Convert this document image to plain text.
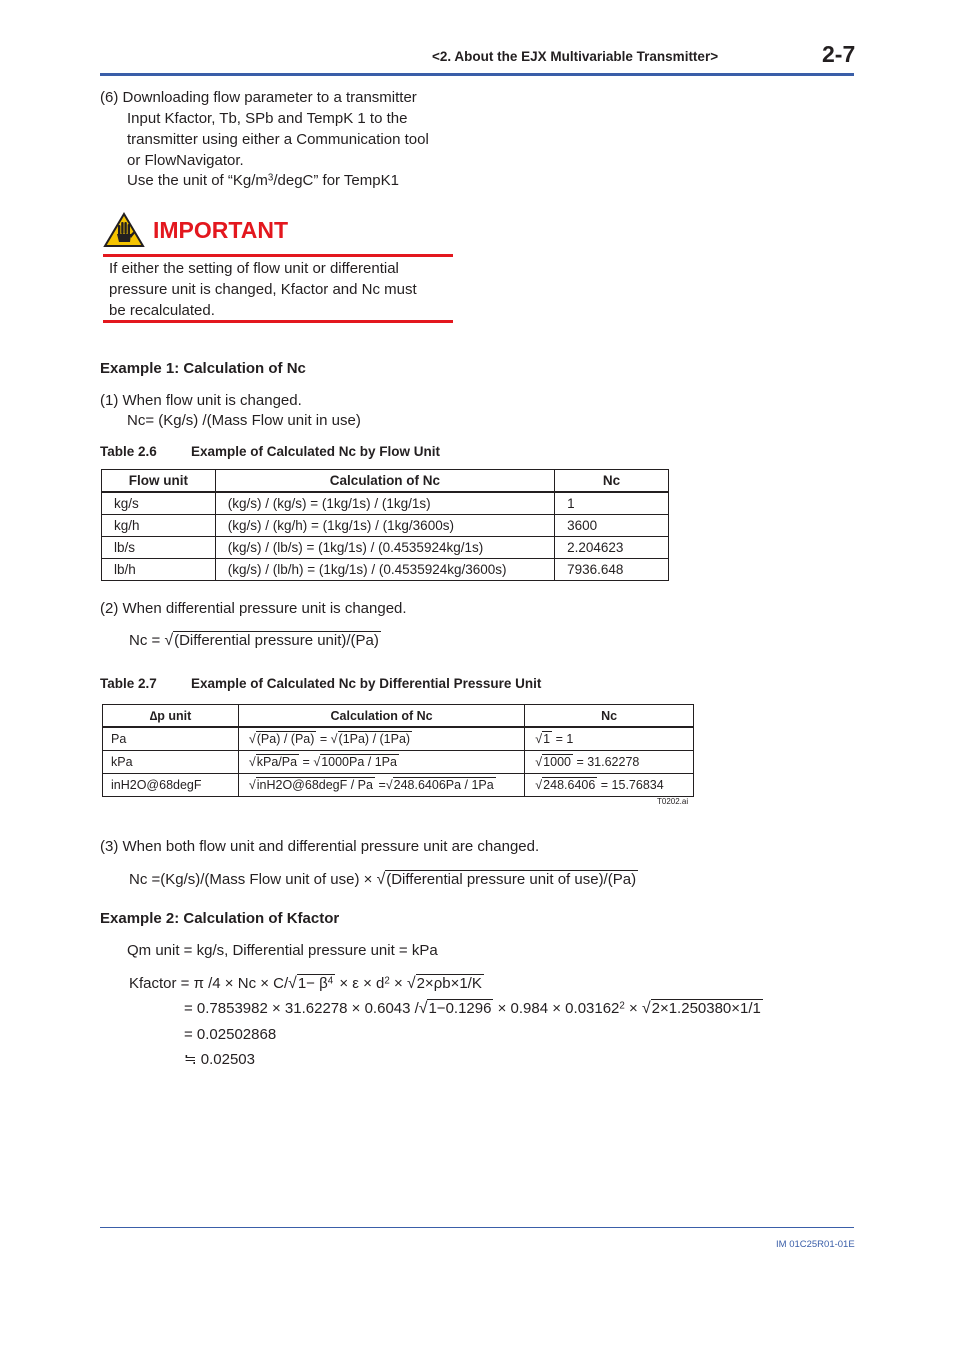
<2. About the EJX Multivariable Transmitter>	2-7
(6) Downloading flow parameter to a transmitter
Input Kfactor, Tb, SPb and TempK 1 to the
transmitter using either a Communication tool
or FlowNavigator.
Use the unit of “$Kg/m^3$/degC” for TempK1
IMPORTANT
If either the setting of flow unit or differential
pressure unit is changed, Kfactor and Nc must
be recalculated.
Example 1: Calculation of Nc
(1) When flow unit is changed.
Nc= (Kg/s) /(Mass Flow unit in use)
Table 2.6	Example of Calculated Nc by Flow Unit
Flow unit	Calculation of Nc	Nc
kg/s	(kg/s) / (kg/s) = (1kg/1s) / (1kg/1s)	1
kg/h	(kg/s) / (kg/h) = (1kg/1s) / (1kg/3600s)	3600
lb/s	(kg/s) / (lb/s) = (1kg/1s) / (0.4535924kg/1s)	2.204623
lb/h	(kg/s) / (lb/h) = (1kg/1s) / (0.4535924kg/3600s)	7936.648
(2) When differential pressure unit is changed.
Nc = √(Differential pressure unit)/(Pa)
Table 2.7	Example of Calculated Nc by Differential Pressure Unit
∆p unit	Calculation of Nc	Nc
Pa	√(Pa) / (Pa) = √(1Pa) / (1Pa)	√1 = 1
kPa	√kPa/Pa = √1000Pa / 1Pa	√1000 = 31.62278
inH2O@68degF	√inH2O@68degF / Pa =√248.6406Pa / 1Pa	√248.6406 = 15.76834
T0202.ai
(3) When both flow unit and differential pressure unit are changed.
Nc =(Kg/s)/(Mass Flow unit of use) × √(Differential pressure unit of use)/(Pa)
Example 2: Calculation of Kfactor
Qm unit = kg/s, Differential pressure unit = kPa
Kfactor = π $/4 \times Nc \times C/√1- \beta^4 \times \varepsilon \times d^2 \times √2\times\rho b\times 1/K$
= 0.7853982 × 31.62278 × 0.6043 $/√1-0.1296 \times 0.984 \times 0.03162^2 \times √2\times 1.250380\times 1/1$
= 0.02502868
≒ 0.02503
IM 01C25R01-01E
